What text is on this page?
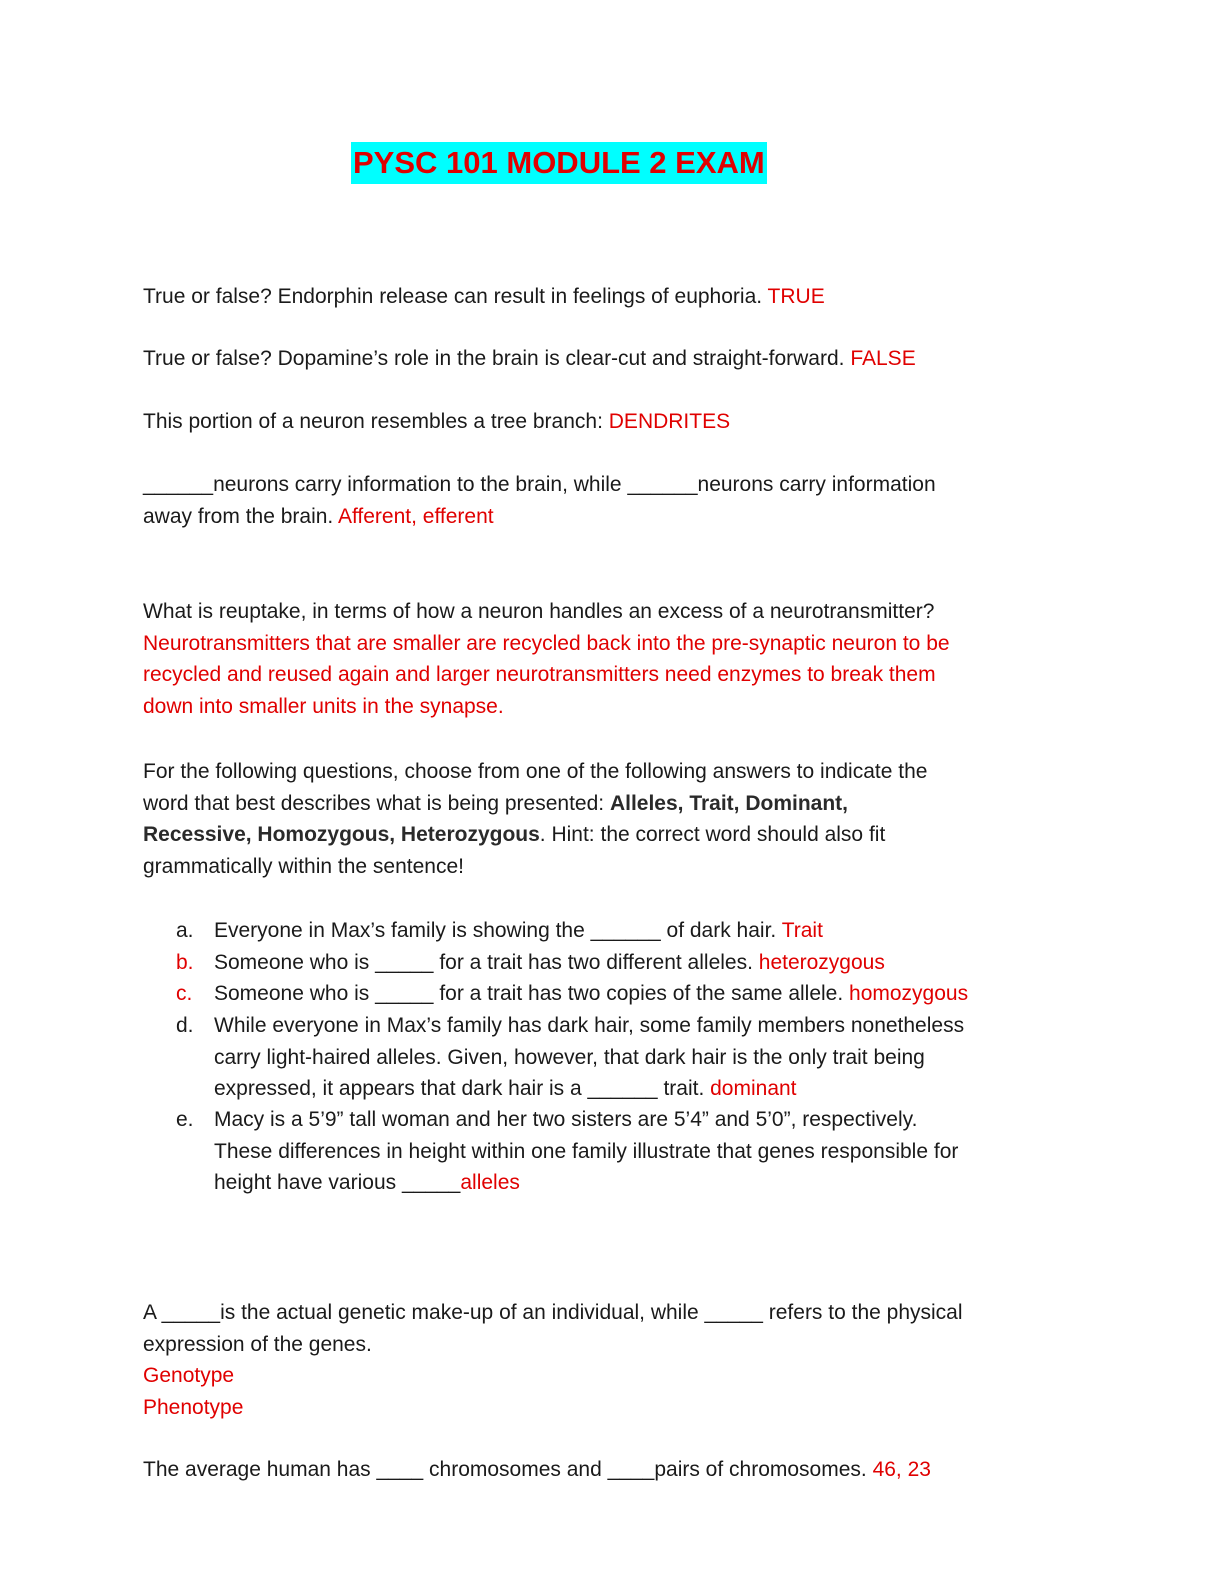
PYSC 101 MODULE 2 EXAM
True or false? Endorphin release can result in feelings of euphoria. TRUE
True or false? Dopamine’s role in the brain is clear-cut and straight-forward. FALSE
This portion of a neuron resembles a tree branch: DENDRITES
______neurons carry information to the brain, while ______neurons carry information
away from the brain. Afferent, efferent
What is reuptake, in terms of how a neuron handles an excess of a neurotransmitter?
Neurotransmitters that are smaller are recycled back into the pre-synaptic neuron to be
recycled and reused again and larger neurotransmitters need enzymes to break them
down into smaller units in the synapse.
For the following questions, choose from one of the following answers to indicate the
word that best describes what is being presented: Alleles, Trait, Dominant,
Recessive, Homozygous, Heterozygous. Hint: the correct word should also fit
grammatically within the sentence!
a. Everyone in Max’s family is showing the ______ of dark hair. Trait
b. Someone who is _____ for a trait has two different alleles. heterozygous
c.	Someone who is _____ for a trait has two copies of the same allele. homozygous
d. While everyone in Max’s family has dark hair, some family members nonetheless
carry light-haired alleles. Given, however, that dark hair is the only trait being
expressed, it appears that dark hair is a ______ trait. dominant
e. Macy is a 5’9” tall woman and her two sisters are 5’4” and 5’0”, respectively.
These differences in height within one family illustrate that genes responsible for
height have various _____alleles
A _____is the actual genetic make-up of an individual, while _____ refers to the physical
expression of the genes.
Genotype
Phenotype
The average human has ____ chromosomes and ____pairs of chromosomes. 46, 23
